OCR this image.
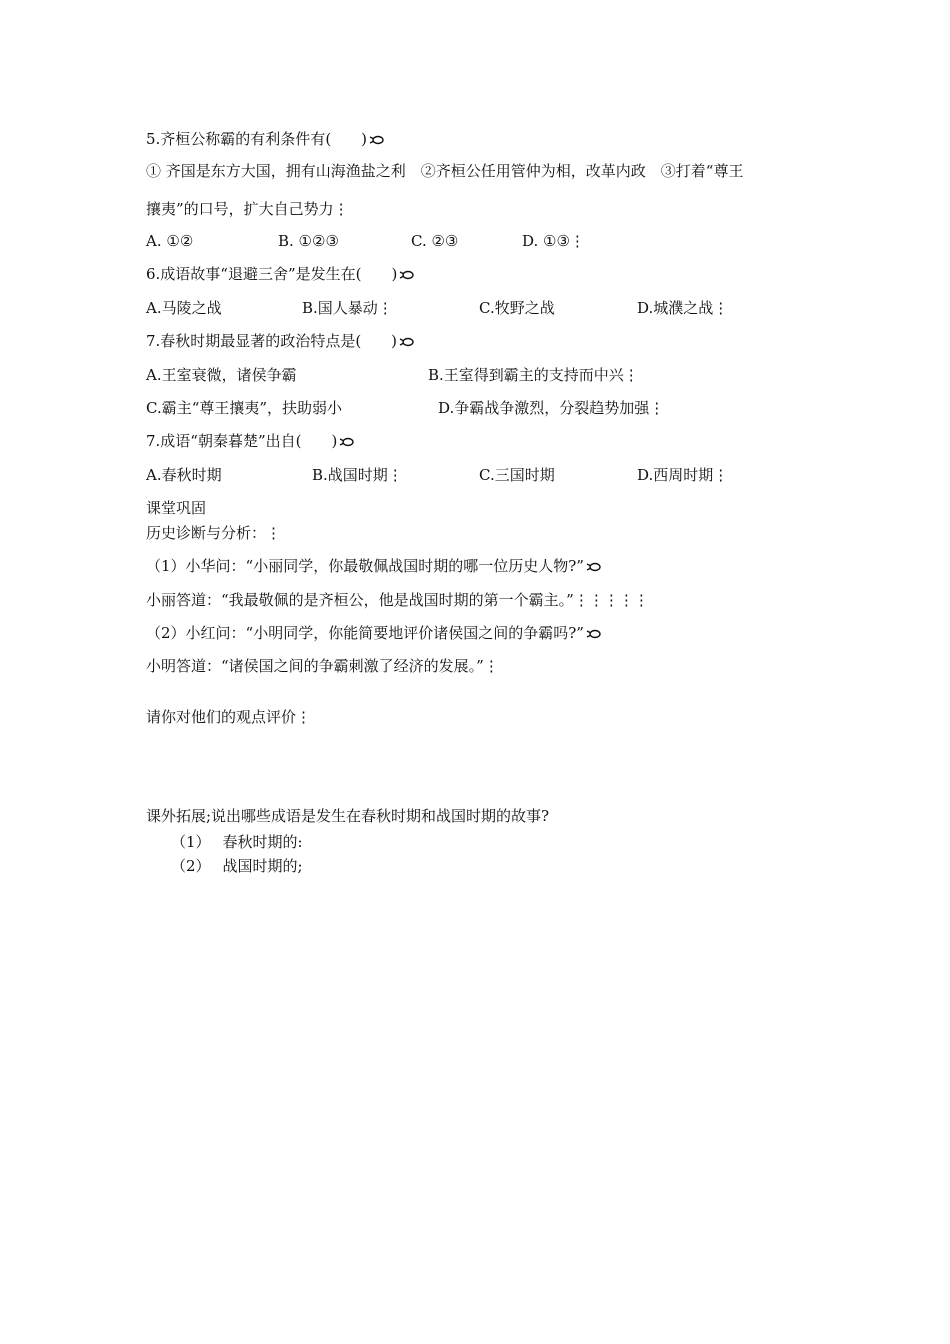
5.齐桓公称霸的有利条件有(　　)
① 齐国是东方大国，拥有山海渔盐之利　②齐桓公任用管仲为相，改革内政　③打着“尊王
攘夷”的口号，扩大自己势力⋮
A. ①②	B. ①②③	C. ②③	D. ①③⋮
6.成语故事“退避三舍”是发生在(　　)
A.马陵之战	B.国人暴动⋮	C.牧野之战	D.城濮之战⋮
7.春秋时期最显著的政治特点是(　　)
A.王室衰微，诸侯争霸	B.王室得到霸主的支持而中兴⋮
C.霸主“尊王攘夷”，扶助弱小	D.争霸战争激烈，分裂趋势加强⋮
7.成语“朝秦暮楚”出自(　　)
A.春秋时期	B.战国时期⋮	C.三国时期	D.西周时期⋮
课堂巩固
历史诊断与分析：⋮
（1）小华问：“小丽同学，你最敬佩战国时期的哪一位历史人物?”
小丽答道：“我最敬佩的是齐桓公，他是战国时期的第一个霸主。”⋮⋮⋮⋮⋮
（2）小红问：“小明同学，你能简要地评价诸侯国之间的争霸吗?”
小明答道：“诸侯国之间的争霸刺激了经济的发展。”⋮
请你对他们的观点评价⋮
课外拓展;说出哪些成语是发生在春秋时期和战国时期的故事?
（1） 春秋时期的:
（2） 战国时期的;
